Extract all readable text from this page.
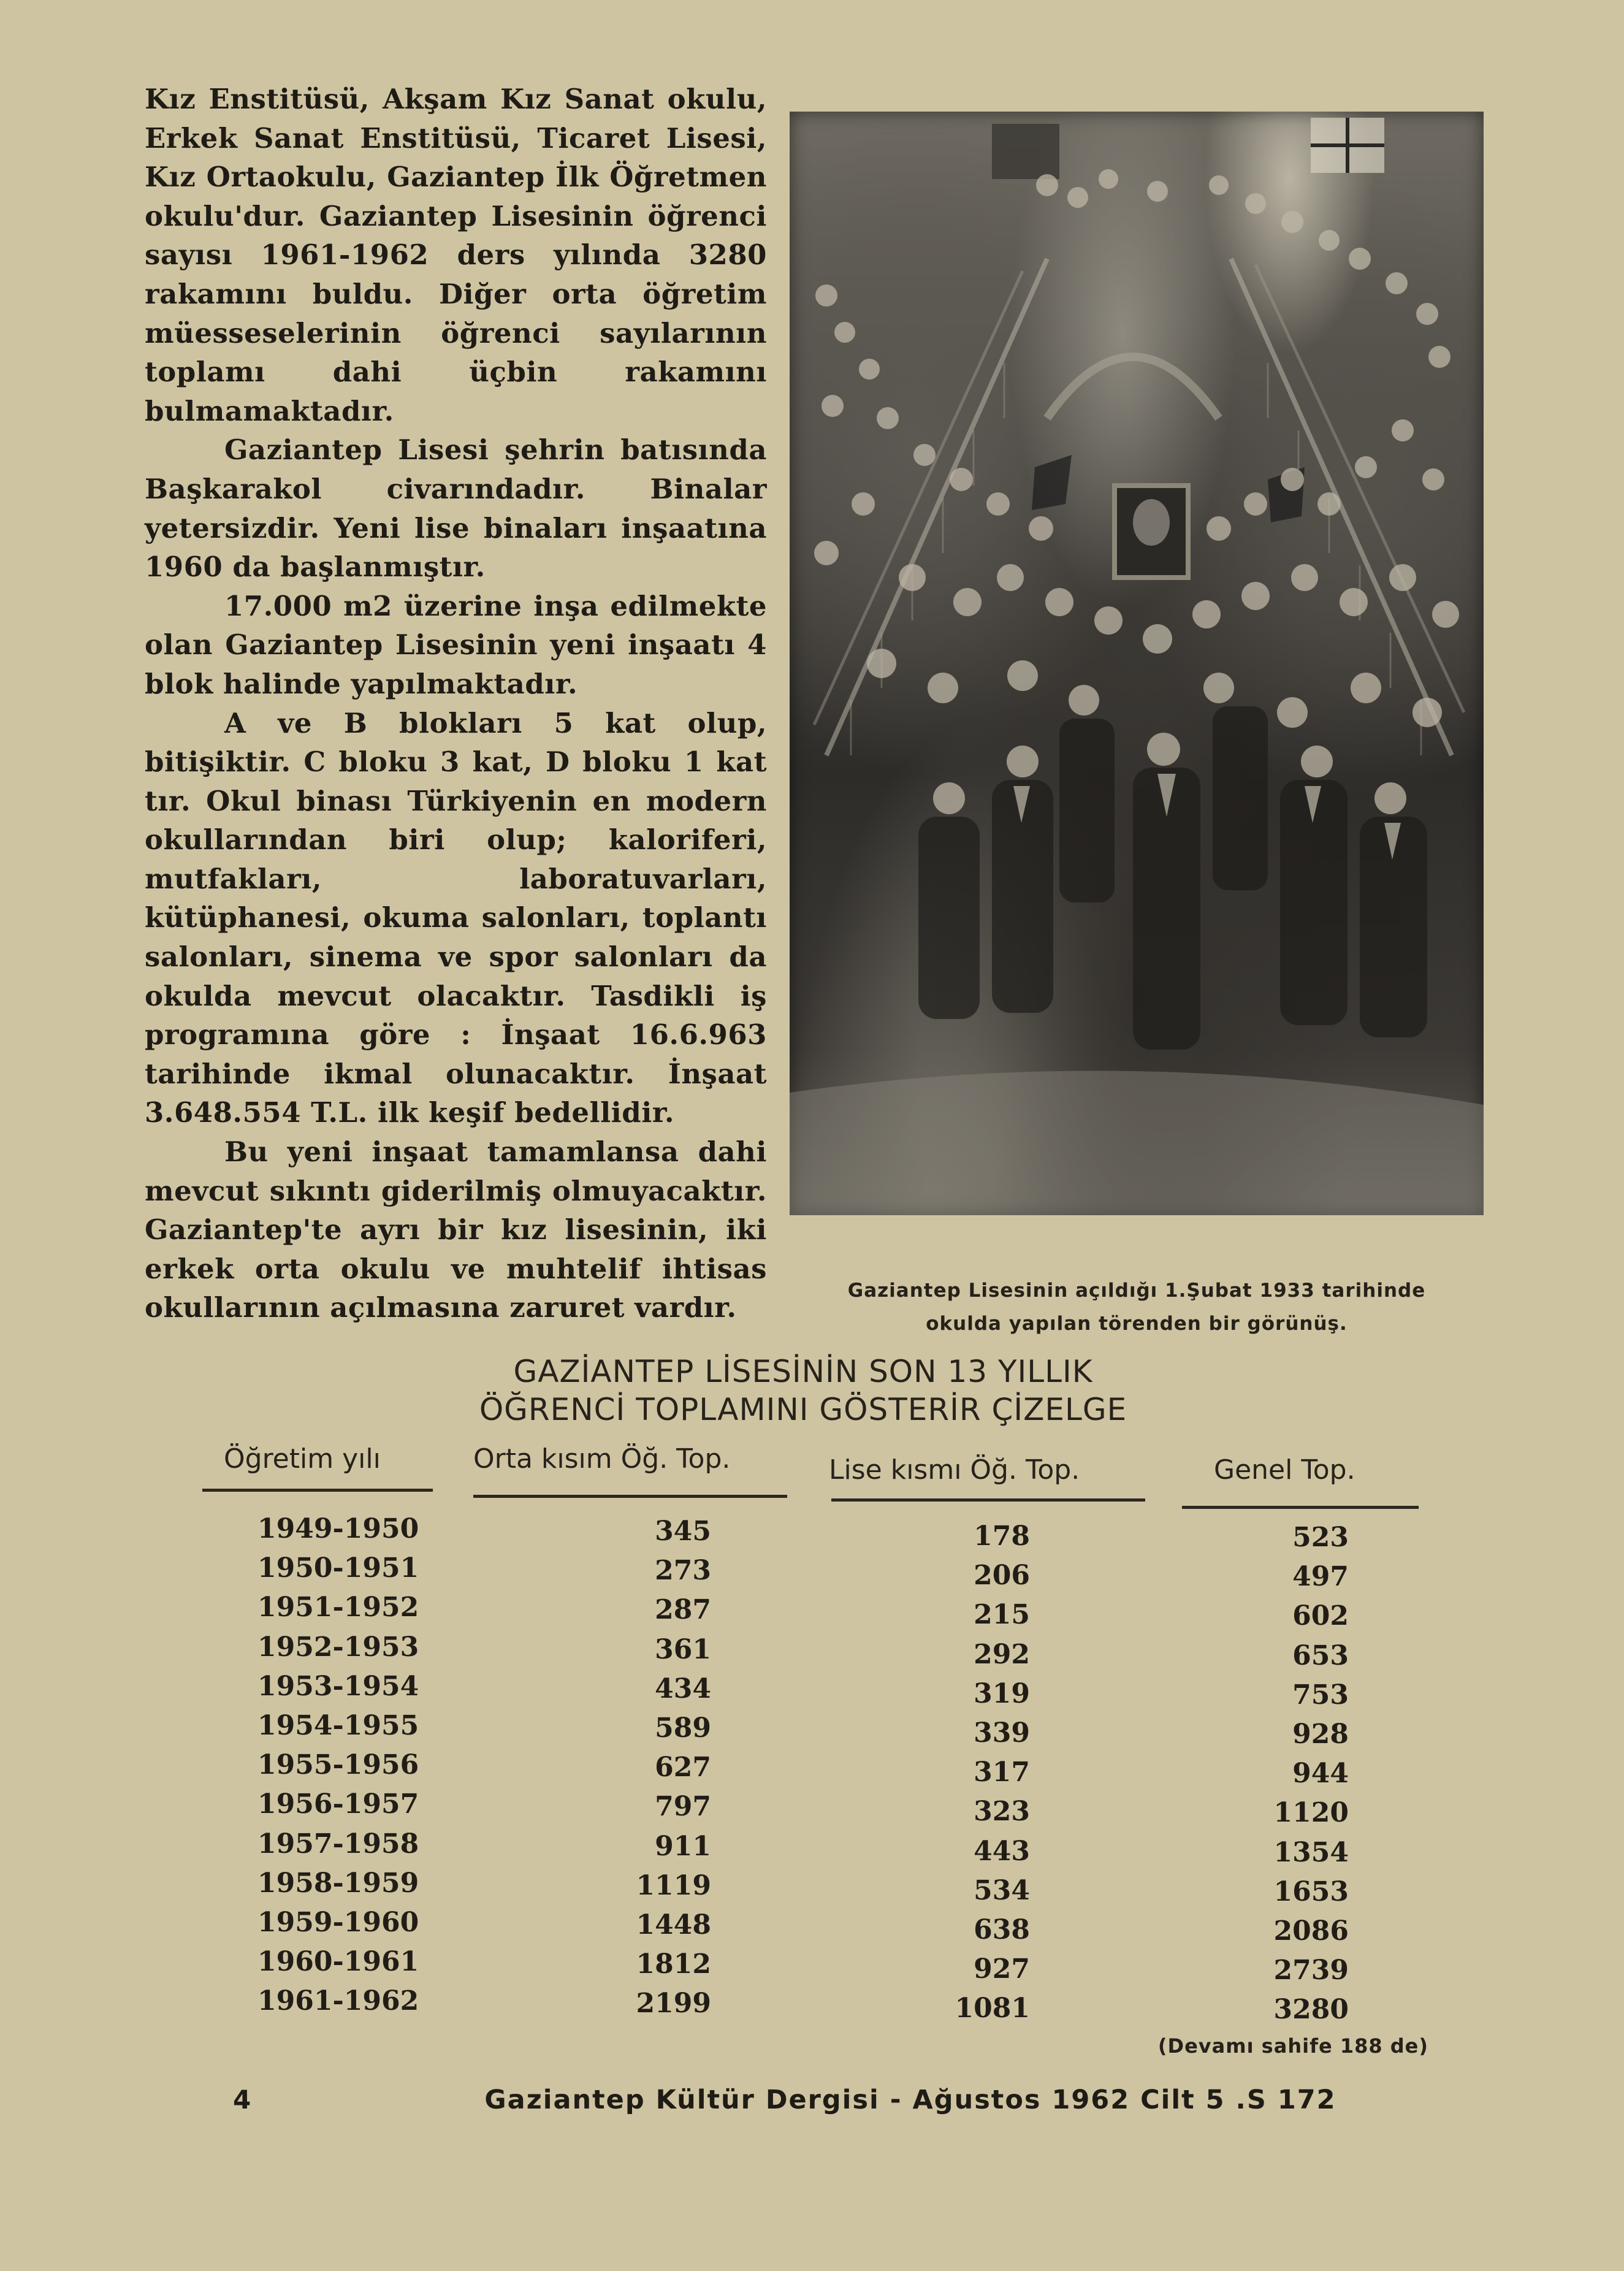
Kız Enstitüsü, Akşam Kız Sanat okulu, Erkek Sanat Enstitüsü, Ticaret Lisesi, Kız Ortaokulu, Gaziantep İlk Öğretmen okulu'dur. Gaziantep Lisesinin öğrenci sayısı 1961-1962 ders yılında 3280 rakamını buldu. Diğer orta öğretim müesseselerinin öğrenci sayılarının toplamı dahi üçbin rakamını bulmamaktadır.

Gaziantep Lisesi şehrin batısında Başkarakol civarındadır. Binalar yetersizdir. Yeni lise binaları inşaatına 1960 da başlanmıştır.

17.000 m2 üzerine inşa edilmekte olan Gaziantep Lisesinin yeni inşaatı 4 blok halinde yapılmaktadır.

A ve B blokları 5 kat olup, bitişiktir. C bloku 3 kat, D bloku 1 kat tır. Okul binası Türkiyenin en modern okullarından biri olup; kaloriferi, mutfakları, laboratuvarları, kütüphanesi, okuma salonları, toplantı salonları, sinema ve spor salonları da okulda mevcut olacaktır. Tasdikli iş programına göre : İnşaat 16.6.963 tarihinde ikmal olunacaktır. İnşaat 3.648.554 T.L. ilk keşif bedellidir.

Bu yeni inşaat tamamlansa dahi mevcut sıkıntı giderilmiş olmuyacaktır. Gaziantep'te ayrı bir kız lisesinin, iki erkek orta okulu ve muhtelif ihtisas okullarının açılmasına zaruret vardır.

Gaziantep Lisesinin açıldığı 1.Şubat 1933 tarihinde
okulda yapılan törenden bir görünüş.
GAZİANTEP LİSESİNİN SON 13 YILLIK
ÖĞRENCİ TOPLAMINI GÖSTERİR ÇİZELGE
Öğretim yılı	Orta kısım Öğ. Top.	Lise kısmı Öğ. Top.	Genel Top.
1949-1950	345	178	523
1950-1951	273	206	497
1951-1952	287	215	602
1952-1953	361	292	653
1953-1954	434	319	753
1954-1955	589	339	928
1955-1956	627	317	944
1956-1957	797	323	1120
1957-1958	911	443	1354
1958-1959	1119	534	1653
1959-1960	1448	638	2086
1960-1961	1812	927	2739
1961-1962	2199	1081	3280
(Devamı sahife 188 de)
4	Gaziantep Kültür Dergisi - Ağustos 1962 Cilt 5 .S 172
